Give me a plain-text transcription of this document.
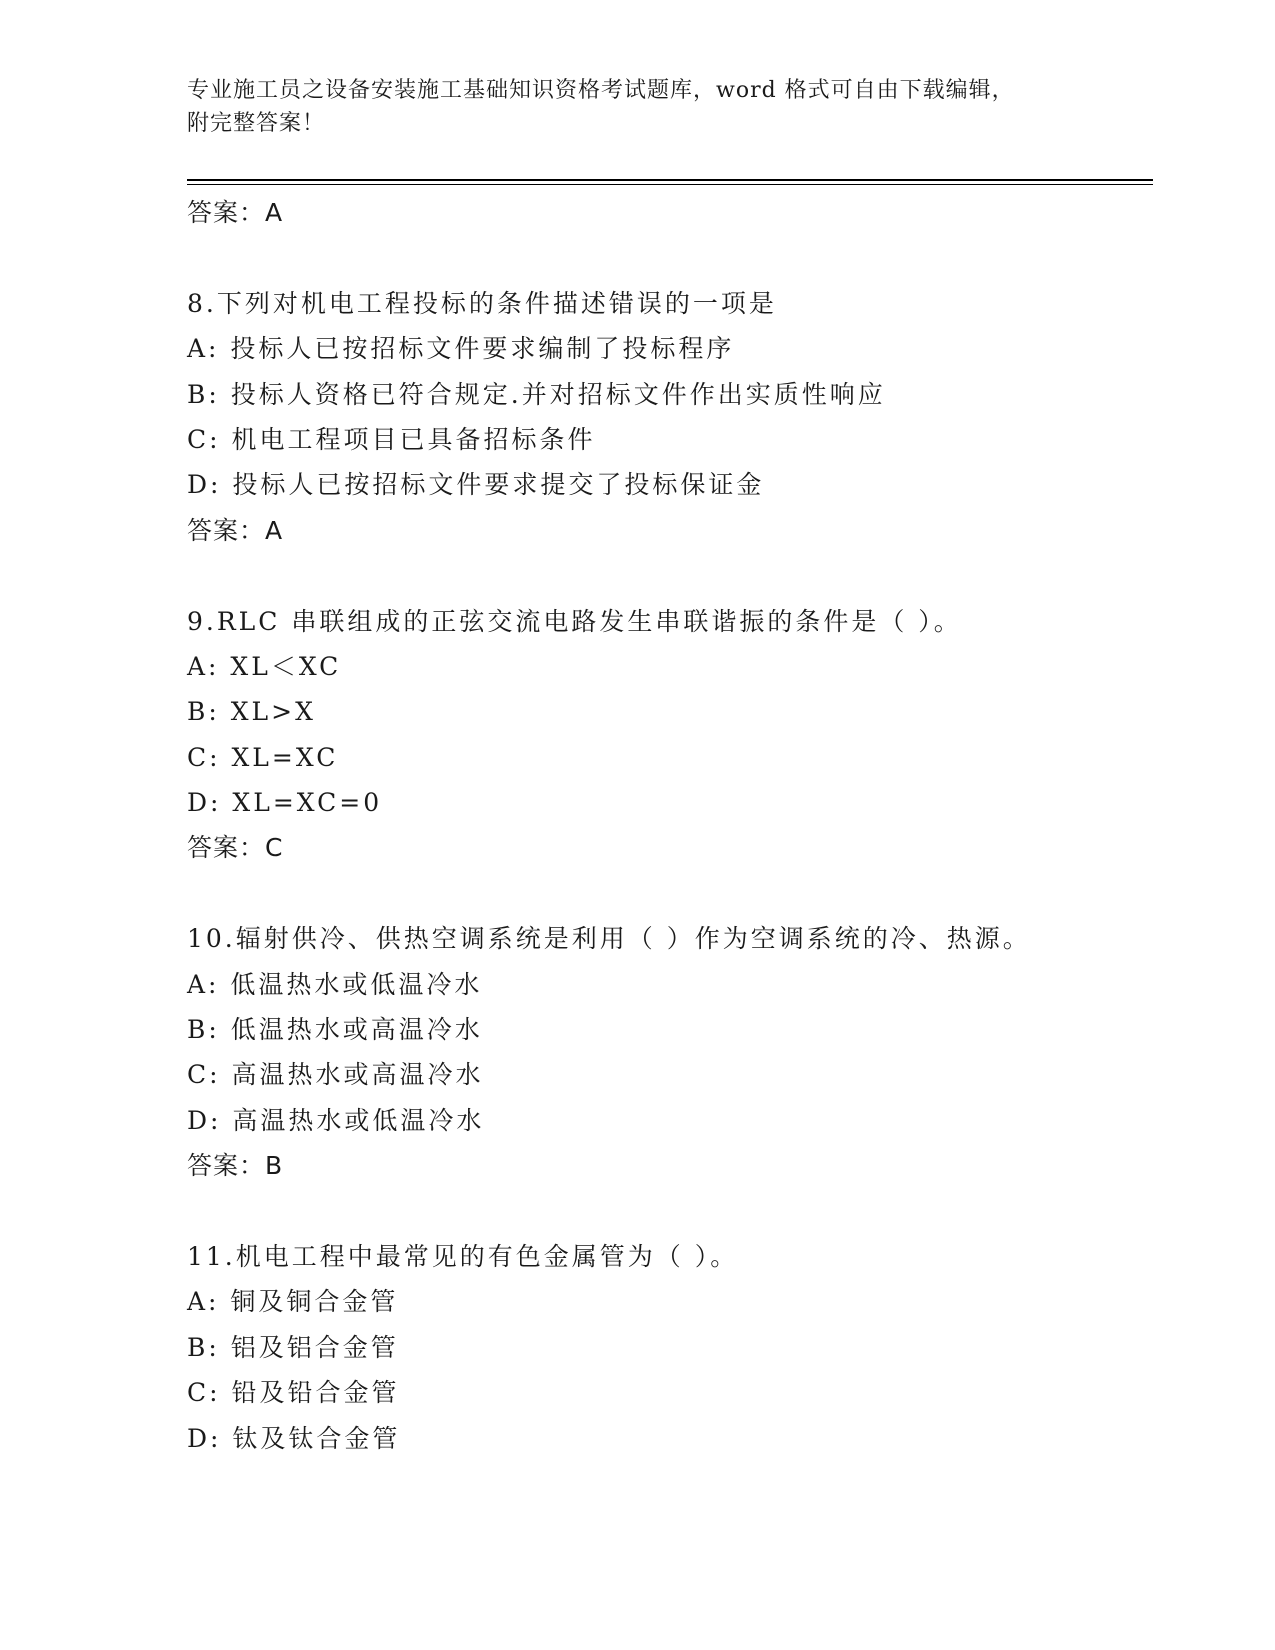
专业施工员之设备安装施工基础知识资格考试题库，word 格式可自由下载编辑，
附完整答案！
答案：A
8.下列对机电工程投标的条件描述错误的一项是
A: 投标人已按招标文件要求编制了投标程序
B: 投标人资格已符合规定.并对招标文件作出实质性响应
C: 机电工程项目已具备招标条件
D: 投标人已按招标文件要求提交了投标保证金
答案：A
9.RLC 串联组成的正弦交流电路发生串联谐振的条件是（ ）。
A: XL＜XC
B: XL>X
C: XL=XC
D: XL=XC=0
答案：C
10.辐射供冷、供热空调系统是利用（ ）作为空调系统的冷、热源。
A: 低温热水或低温冷水
B: 低温热水或高温冷水
C: 高温热水或高温冷水
D: 高温热水或低温冷水
答案：B
11.机电工程中最常见的有色金属管为（ ）。
A: 铜及铜合金管
B: 铝及铝合金管
C: 铅及铅合金管
D: 钛及钛合金管
